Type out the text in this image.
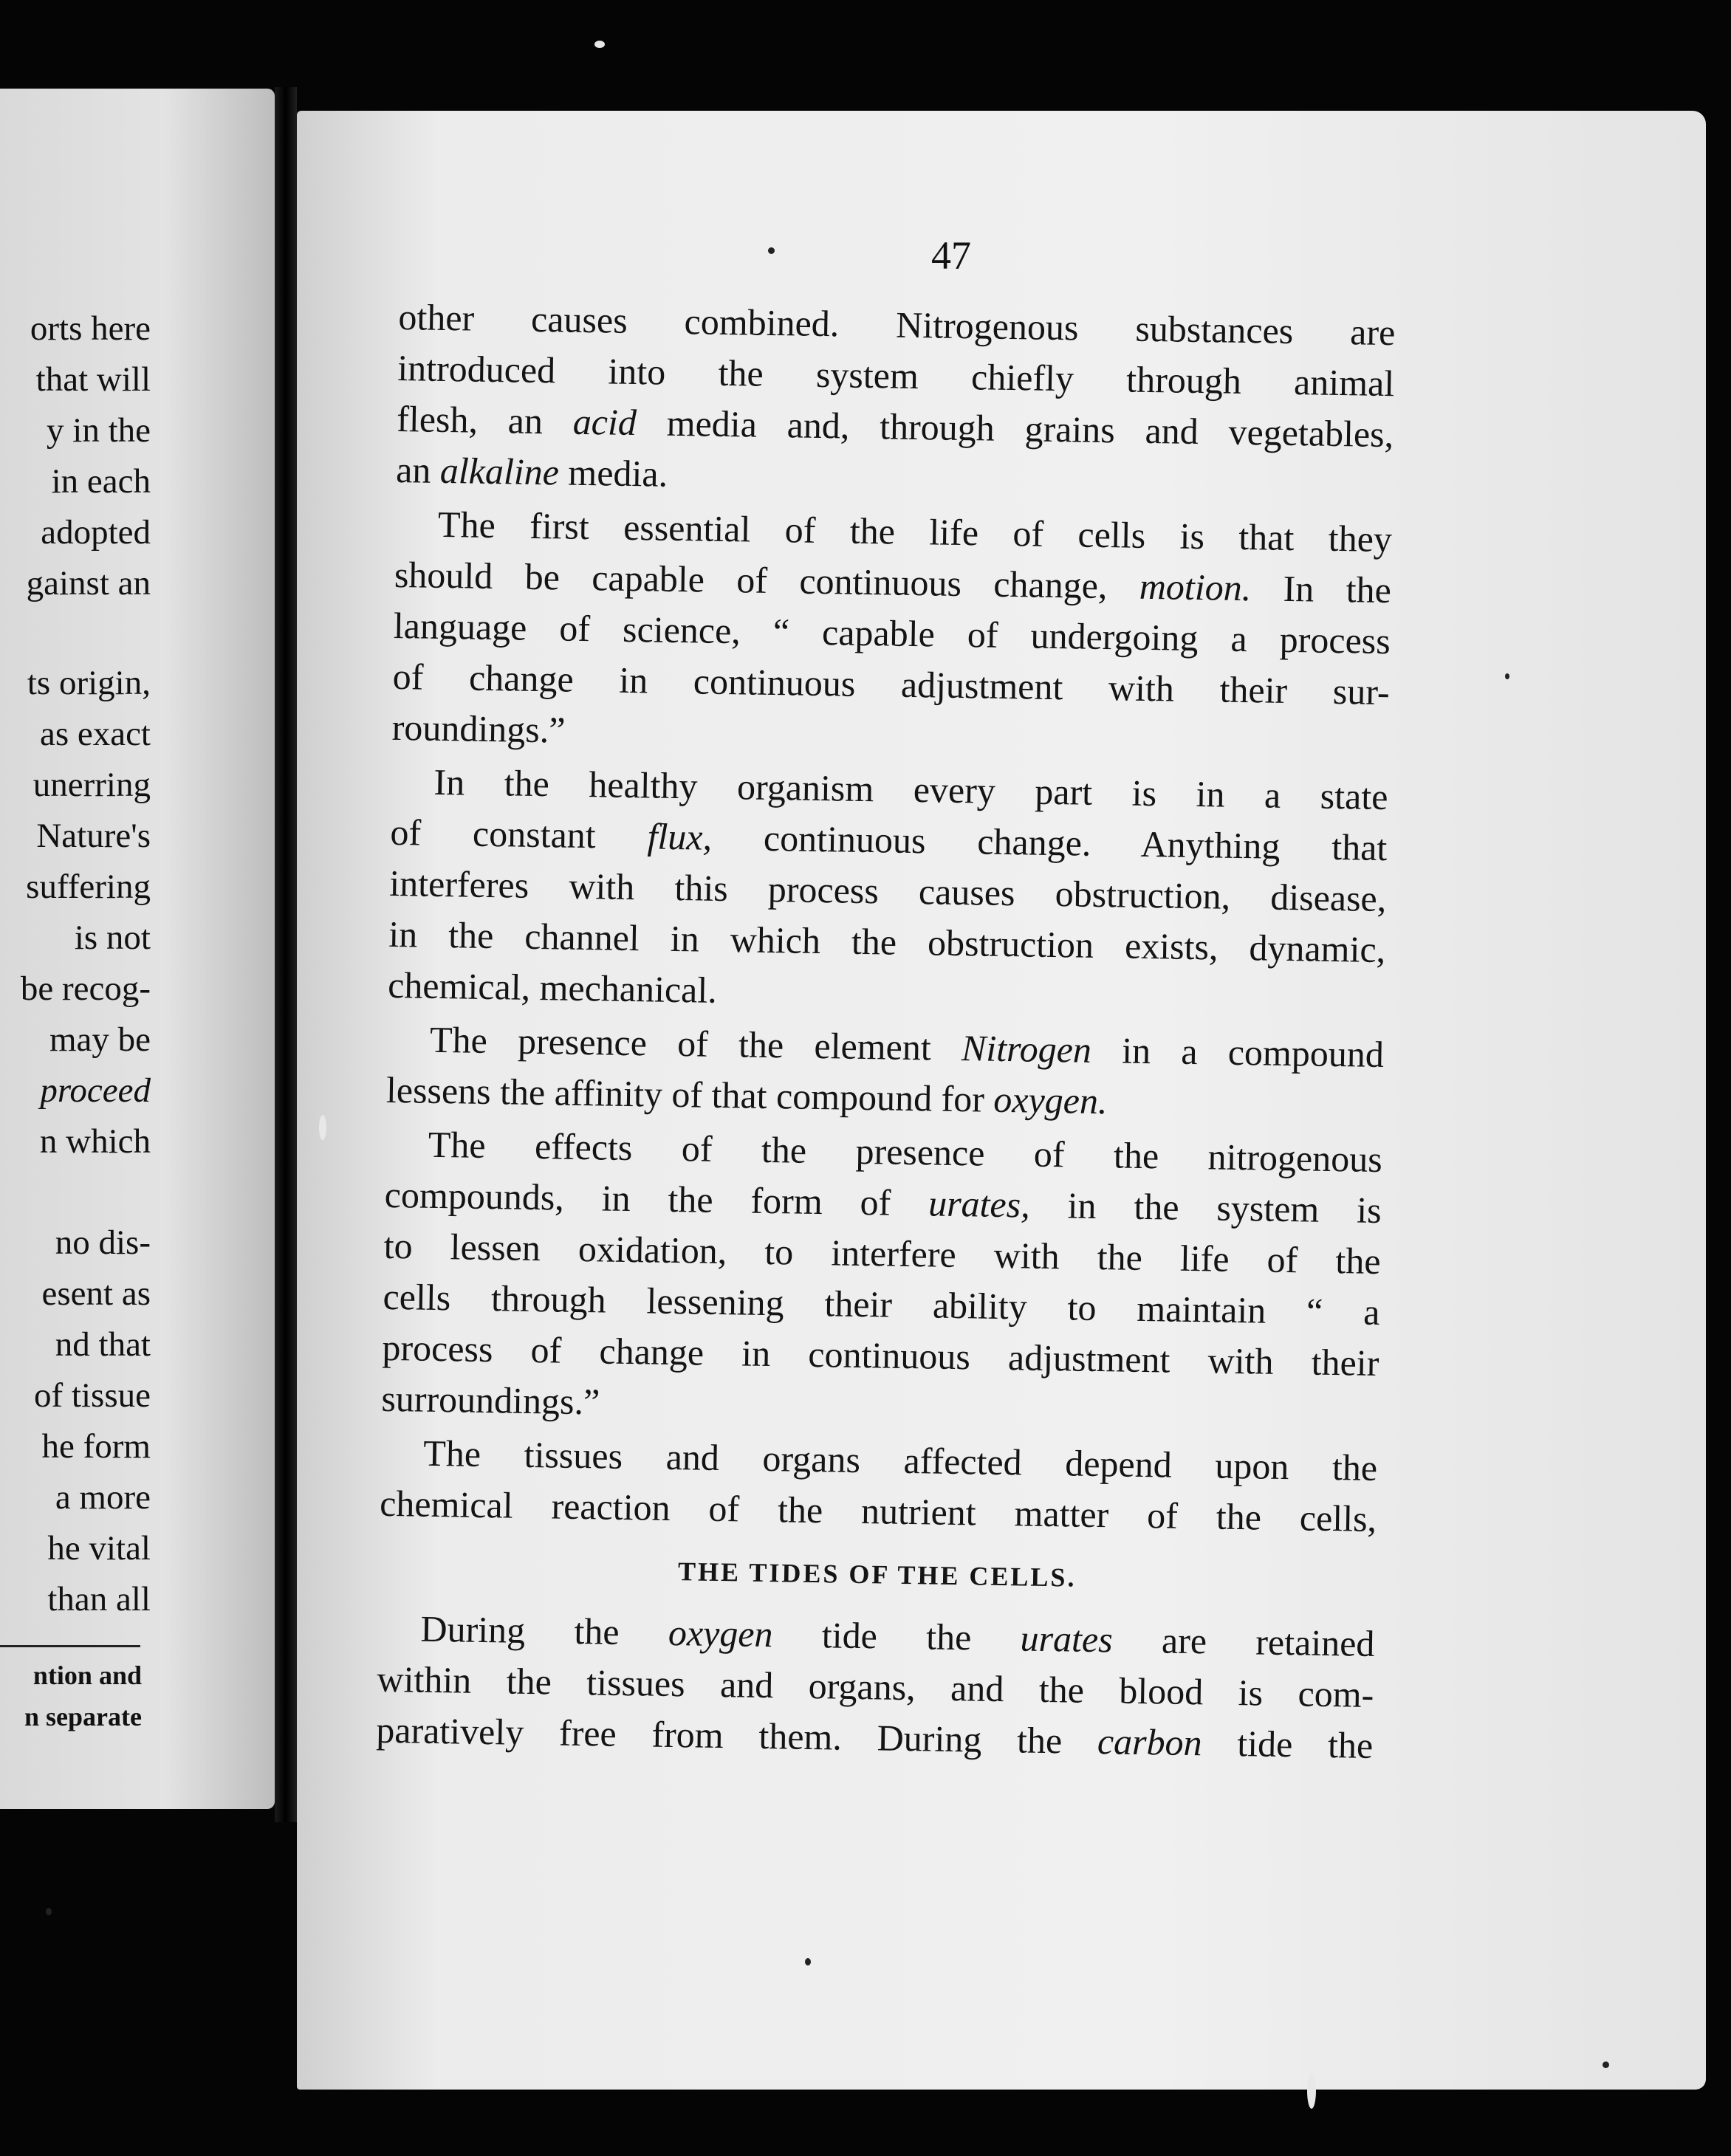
orts here
that will
y in the
in each
adopted
gainst an
ts origin,
as exact
unerring
Nature's
suffering
is not
be recog-
may be
proceed
n which
no dis-
esent as
nd that
of tissue
he form
a more
he vital
than all
ntion and
n separate
47
other causes combined. Nitrogenous substances are
introduced into the system chiefly through animal
flesh, an acid media and, through grains and vegetables,
an alkaline media.
The first essential of the life of cells is that they
should be capable of continuous change, motion. In the
language of science, “ capable of undergoing a process
of change in continuous adjustment with their sur-
roundings.”
In the healthy organism every part is in a state
of constant flux, continuous change. Anything that
interferes with this process causes obstruction, disease,
in the channel in which the obstruction exists, dynamic,
chemical, mechanical.
The presence of the element Nitrogen in a compound
lessens the affinity of that compound for oxygen.
The effects of the presence of the nitrogenous
compounds, in the form of urates, in the system is
to lessen oxidation, to interfere with the life of the
cells through lessening their ability to maintain “ a
process of change in continuous adjustment with their
surroundings.”
The tissues and organs affected depend upon the
chemical reaction of the nutrient matter of the cells,
THE TIDES OF THE CELLS.
During the oxygen tide the urates are retained
within the tissues and organs, and the blood is com-
paratively free from them. During the carbon tide the
